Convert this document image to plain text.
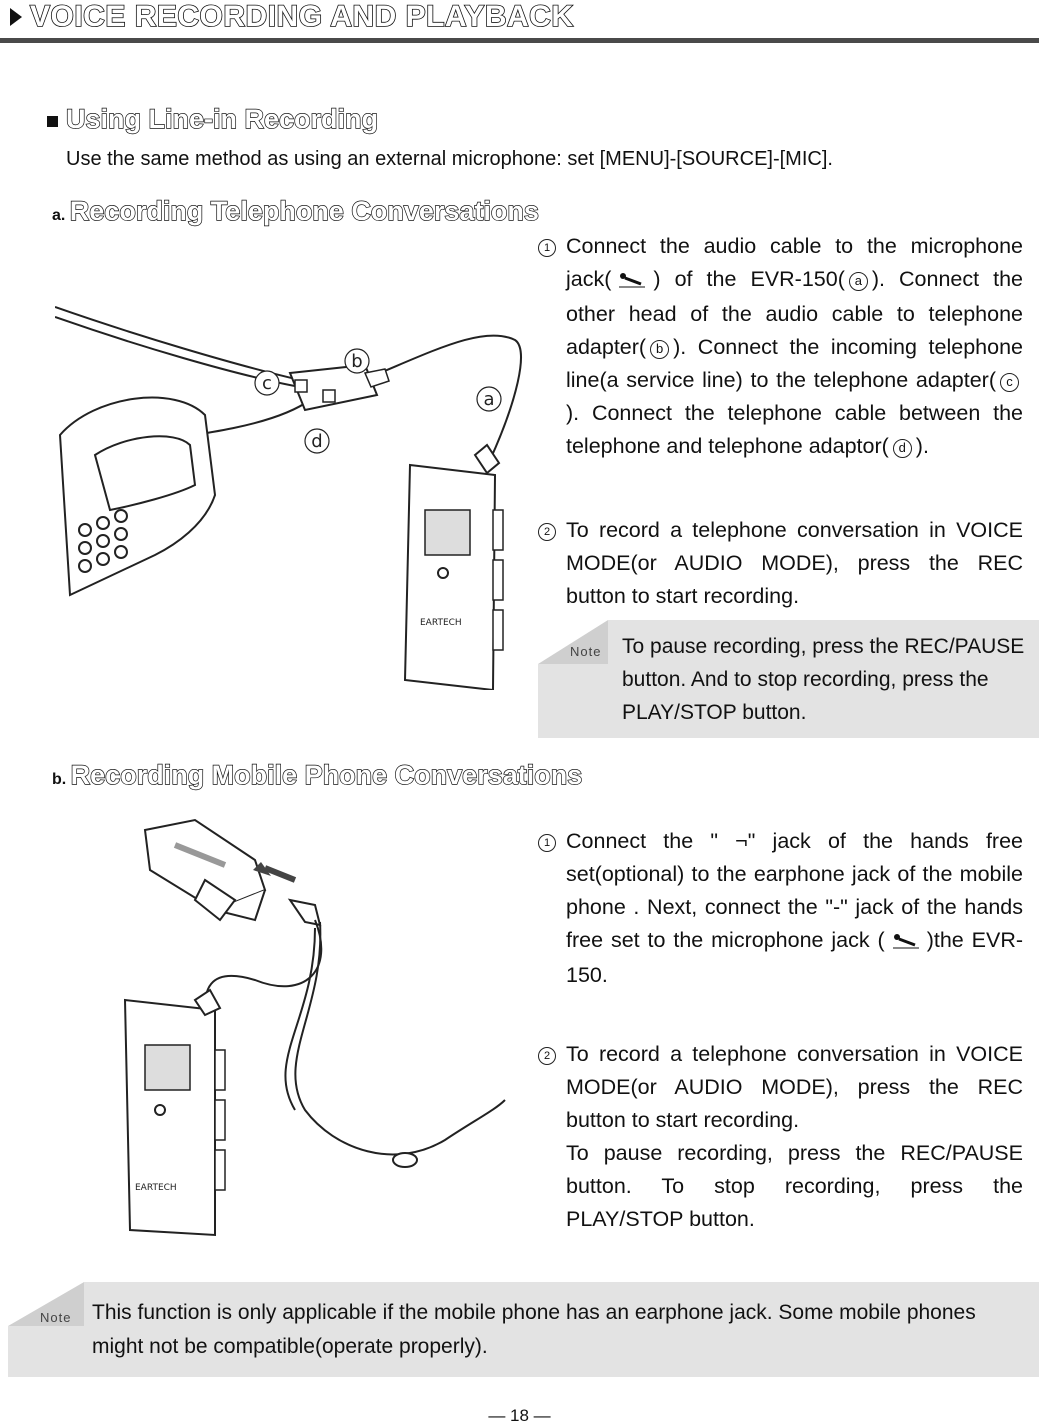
VOICE RECORDING AND PLAYBACK
Using Line-in Recording
Use the same method as using an external microphone: set [MENU]-[SOURCE]-[MIC].
a. Recording Telephone Conversations
EARTECH
c
b
a
d
1 Connect the audio cable to the microphone jack( ) of the EVR-150( a ). Connect the other head of the audio cable to telephone adapter( b ). Connect the incoming telephone line(a service line) to the telephone adapter( c). Connect the telephone cable between the telephone and telephone adaptor( d ).
2 To record a telephone conversation in VOICE MODE(or AUDIO MODE), press the REC button to start recording.
Note To pause recording, press the REC/PAUSE button. And to stop recording, press the PLAY/STOP button.
b. Recording Mobile Phone Conversations
EARTECH
1 Connect the " ¬" jack of the hands free set(optional) to the earphone jack of the mobile phone . Next, connect the "-" jack of the hands free set to the microphone jack ( )the EVR-150.
2 To record a telephone conversation in VOICE MODE(or AUDIO MODE), press the REC button to start recording.
To pause recording, press the REC/PAUSE button. To stop recording, press the PLAY/STOP button.
Note This function is only applicable if the mobile phone has an earphone jack. Some mobile phones might not be compatible(operate properly).
— 18 —
